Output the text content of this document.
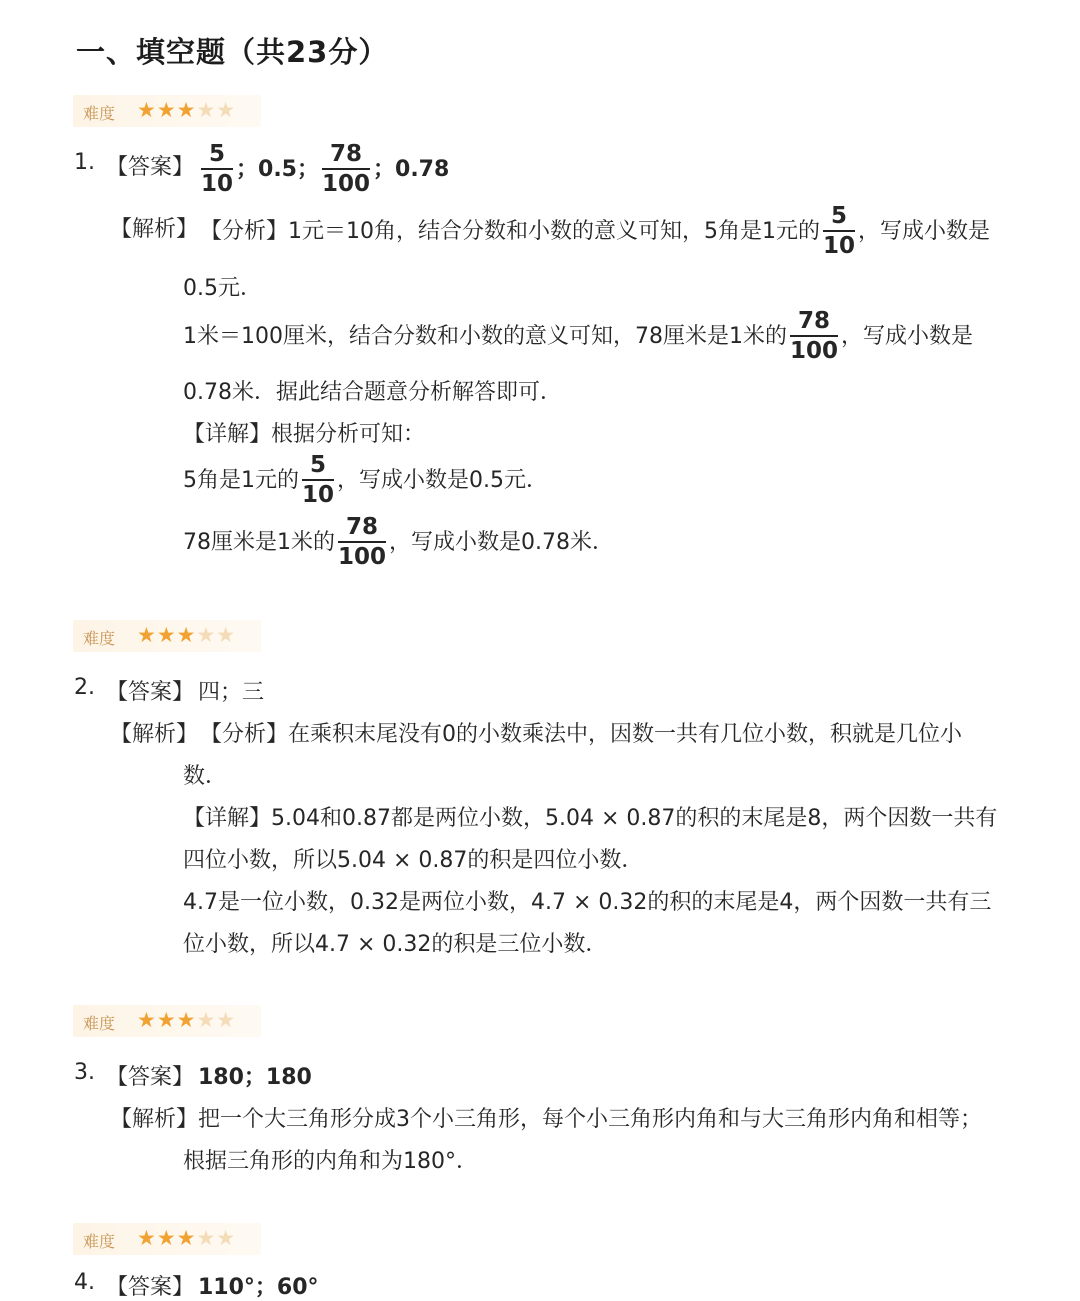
一、填空题（共23分）
难度 ★★★★★
1. 【答案】 $\frac{5}{10}$ ；0.5； $\frac{78}{100}$ ；0.78
【解析】 【分析】1元＝10角，结合分数和小数的意义可知，5角是1元的 $\frac{5}{10}$ ，写成小数是
0.5元．
1米＝100厘米，结合分数和小数的意义可知，78厘米是1米的 $\frac{78}{100}$ ，写成小数是
0.78米．据此结合题意分析解答即可．
【详解】根据分析可知：
5角是1元的 $\frac{5}{10}$ ，写成小数是0.5元．
78厘米是1米的 $\frac{78}{100}$ ，写成小数是0.78米．
难度 ★★★★★
2. 【答案】 四；三
【解析】 【分析】在乘积末尾没有0的小数乘法中，因数一共有几位小数，积就是几位小
数．
【详解】5.04和0.87都是两位小数，5.04 × 0.87的积的末尾是8，两个因数一共有
四位小数，所以5.04 × 0.87的积是四位小数．
4.7是一位小数，0.32是两位小数，4.7 × 0.32的积的末尾是4，两个因数一共有三
位小数，所以4.7 × 0.32的积是三位小数．
难度 ★★★★★
3. 【答案】 180；180
【解析】 把一个大三角形分成3个小三角形，每个小三角形内角和与大三角形内角和相等；
根据三角形的内角和为180°．
难度 ★★★★★
4. 【答案】 110°；60°
